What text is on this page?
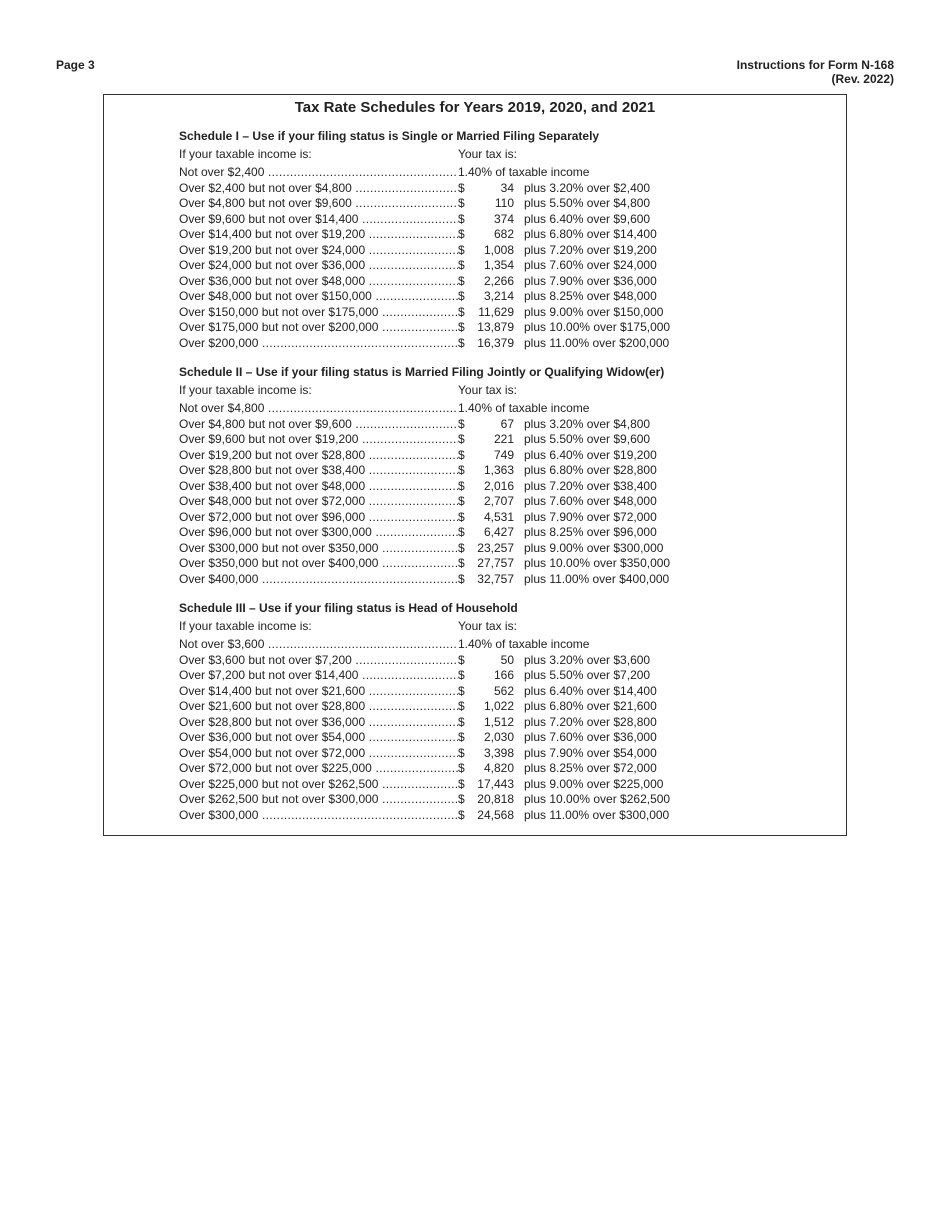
Page 3	Instructions for Form N-168
(Rev. 2022)
Tax Rate Schedules for Years 2019, 2020, and 2021
Schedule I – Use if your filing status is Single or Married Filing Separately
If your taxable income is:	Your tax is:
Not over $2,400 .....	1.40% of taxable income
Over $2,400 but not over $4,800 .....	$	34 plus 3.20% over $2,400
Over $4,800 but not over $9,600 .....	$	110 plus 5.50% over $4,800
Over $9,600 but not over $14,400 .....	$	374 plus 6.40% over $9,600
Over $14,400 but not over $19,200 .....	$	682 plus 6.80% over $14,400
Over $19,200 but not over $24,000 .....	$	1,008 plus 7.20% over $19,200
Over $24,000 but not over $36,000 .....	$	1,354 plus 7.60% over $24,000
Over $36,000 but not over $48,000 .....	$	2,266 plus 7.90% over $36,000
Over $48,000 but not over $150,000 .....	$	3,214 plus 8.25% over $48,000
Over $150,000 but not over $175,000 .....	$	11,629 plus 9.00% over $150,000
Over $175,000 but not over $200,000 .....	$	13,879 plus 10.00% over $175,000
Over $200,000 .....	$	16,379 plus 11.00% over $200,000
Schedule II – Use if your filing status is Married Filing Jointly or Qualifying Widow(er)
If your taxable income is:	Your tax is:
Not over $4,800 .....	1.40% of taxable income
Over $4,800 but not over $9,600 .....	$	67 plus 3.20% over $4,800
Over $9,600 but not over $19,200 .....	$	221 plus 5.50% over $9,600
Over $19,200 but not over $28,800 .....	$	749 plus 6.40% over $19,200
Over $28,800 but not over $38,400 .....	$	1,363 plus 6.80% over $28,800
Over $38,400 but not over $48,000 .....	$	2,016 plus 7.20% over $38,400
Over $48,000 but not over $72,000 .....	$	2,707 plus 7.60% over $48,000
Over $72,000 but not over $96,000 .....	$	4,531 plus 7.90% over $72,000
Over $96,000 but not over $300,000 .....	$	6,427 plus 8.25% over $96,000
Over $300,000 but not over $350,000 .....	$	23,257 plus 9.00% over $300,000
Over $350,000 but not over $400,000 .....	$	27,757 plus 10.00% over $350,000
Over $400,000 .....	$	32,757 plus 11.00% over $400,000
Schedule III – Use if your filing status is Head of Household
If your taxable income is:	Your tax is:
Not over $3,600 .....	1.40% of taxable income
Over $3,600 but not over $7,200 .....	$	50 plus 3.20% over $3,600
Over $7,200 but not over $14,400 .....	$	166 plus 5.50% over $7,200
Over $14,400 but not over $21,600 .....	$	562 plus 6.40% over $14,400
Over $21,600 but not over $28,800 .....	$	1,022 plus 6.80% over $21,600
Over $28,800 but not over $36,000 .....	$	1,512 plus 7.20% over $28,800
Over $36,000 but not over $54,000 .....	$	2,030 plus 7.60% over $36,000
Over $54,000 but not over $72,000 .....	$	3,398 plus 7.90% over $54,000
Over $72,000 but not over $225,000 .....	$	4,820 plus 8.25% over $72,000
Over $225,000 but not over $262,500 .....	$	17,443 plus 9.00% over $225,000
Over $262,500 but not over $300,000 .....	$	20,818 plus 10.00% over $262,500
Over $300,000 .....	$	24,568 plus 11.00% over $300,000
